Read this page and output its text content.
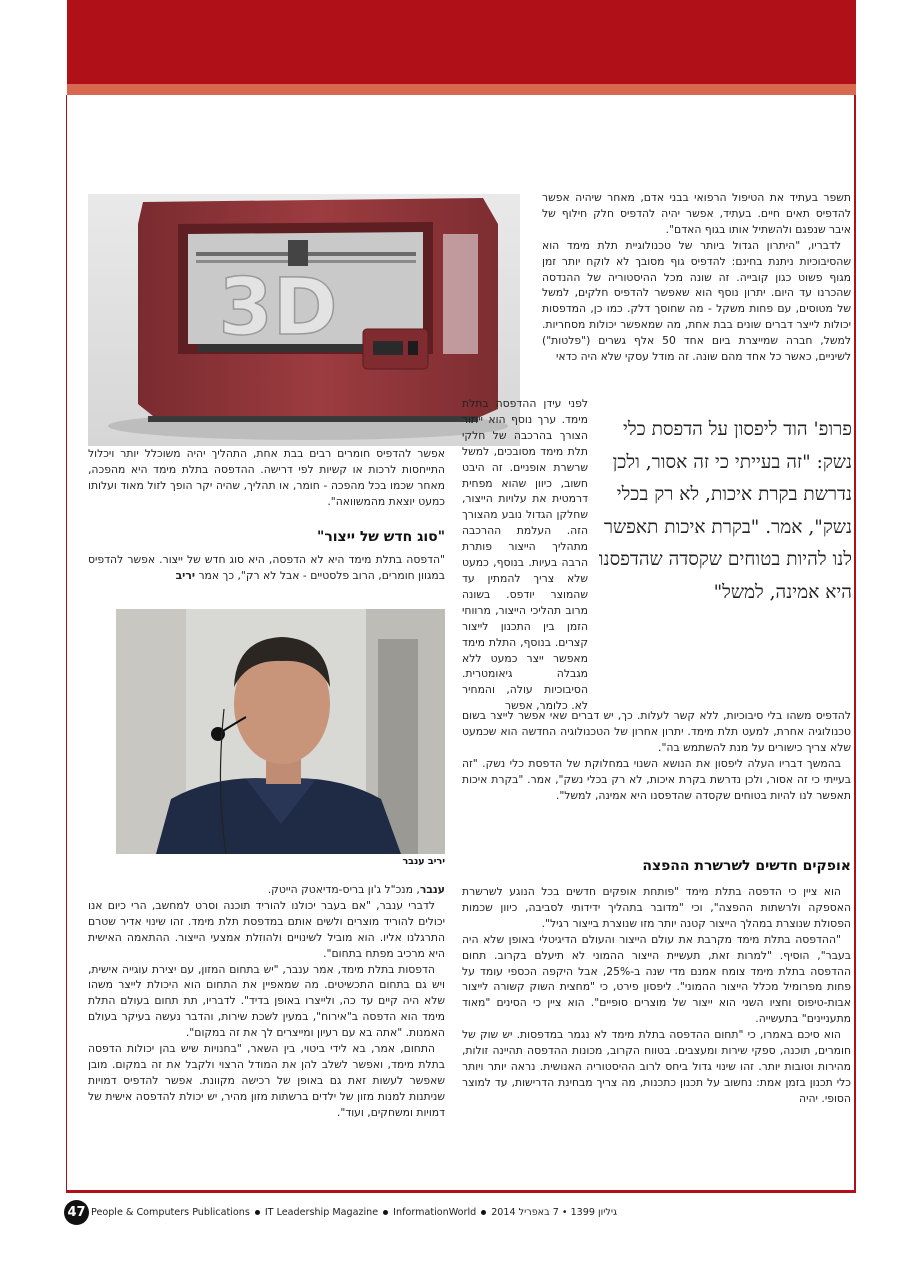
3D
יריב ענבר

תשפר בעתיד את הטיפול הרפואי בבני אדם, מאחר שיהיה אפשר להדפיס תאים חיים. בעתיד, אפשר יהיה להדפיס חלק חילוף של איבר שנפגם ולהשתיל אותו בגוף האדם".

לדבריו, "היתרון הגדול ביותר של טכנולוגיית תלת מימד הוא שהסיבוכיות ניתנת בחינם: להדפיס גוף מסובך לא לוקח יותר זמן מגוף פשוט כגון קובייה. זה שונה מכל ההיסטוריה של ההנדסה שהכרנו עד היום. יתרון נוסף הוא שאפשר להדפיס חלקים, למשל של מטוסים, עם פחות משקל - מה שחוסך דלק. כמו כן, המדפסות יכולות לייצר דברים שונים בבת אחת, מה שמאפשר יכולות מסחריות. למשל, חברה שמייצרת ביום אחד 50 אלף גשרים ("פלטות") לשיניים, כאשר כל אחד מהם שונה. זה מודל עסקי שלא היה כדאי

לפני עידן ההדפסה בתלת מימד. ערך נוסף הוא ייתור הצורך בהרכבה של חלקי תלת מימד מסובכים, למשל שרשרת אופניים. זה היבט חשוב, כיוון שהוא מפחית דרמטית את עלויות הייצור, שחלקן הגדול נובע מהצורך הזה. העלמת ההרכבה מתהליך הייצור פותרת הרבה בעיות. בנוסף, כמעט שלא צריך להמתין עד שהמוצר יודפס. בשונה מרוב תהליכי הייצור, מרווחי הזמן בין התכנון לייצור קצרים. בנוסף, התלת מימד מאפשר ייצר כמעט ללא מגבלה גיאומטרית. הסיבוכיות עולה, והמחיר לא. כלומר, אפשר

פרופ' הוד ליפסון על הדפסת כלי נשק: "זה בעייתי כי זה אסור, ולכן נדרשת בקרת איכות, לא רק בכלי נשק", אמר. "בקרת איכות תאפשר לנו להיות בטוחים שקסדה שהדפסנו היא אמינה, למשל"

להדפיס משהו בלי סיבוכיות, ללא קשר לעלות. כך, יש דברים שאי אפשר לייצר בשום טכנולוגיה אחרת, למעט תלת מימד. יתרון אחרון של הטכנולוגיה החדשה הוא שכמעט שלא צריך כישורים על מנת להשתמש בה".

בהמשך דבריו העלה ליפסון את הנושא השנוי במחלוקת של הדפסת כלי נשק. "זה בעייתי כי זה אסור, ולכן נדרשת בקרת איכות, לא רק בכלי נשק", אמר. "בקרת איכות תאפשר לנו להיות בטוחים שקסדה שהדפסנו היא אמינה, למשל".

אופקים חדשים לשרשרת ההפצה

הוא ציין כי הדפסה בתלת מימד "פותחת אופקים חדשים בכל הנוגע לשרשרת האספקה ולרשתות ההפצה", וכי "מדובר בתהליך ידידותי לסביבה, כיוון שכמות הפסולת שנוצרת במהלך הייצור קטנה יותר מזו שנוצרת בייצור רגיל".

"ההדפסה בתלת מימד מקרבת את עולם הייצור והעולם הדיגיטלי באופן שלא היה בעבר", הוסיף. "למרות זאת, תעשיית הייצור ההמוני לא תיעלם בקרוב. תחום ההדפסה בתלת מימד צומח אמנם מדי שנה ב-25%, אבל היקפה הכספי עומד על פחות מפרומיל מכלל הייצור ההמוני". ליפסון פירט, כי "מחצית השוק קשורה לייצור אבות-טיפוס וחציו השני הוא ייצור של מוצרים סופיים". הוא ציין כי הסינים "מאוד מתעניינים" בתעשייה.

הוא סיכם באמרו, כי "תחום ההדפסה בתלת מימד לא נגמר במדפסות. יש שוק של חומרים, תוכנה, ספקי שירות ומעצבים. בטווח הקרוב, מכונות ההדפסה תהיינה זולות, מהירות וטובות יותר. זהו שינוי גדול ביחס לרוב ההיסטוריה האנושית. נראה יותר ויותר כלי תכנון בזמן אמת: נחשוב על תכנון כתכנות, מה צריך מבחינת הדרישות, עד למוצר הסופי. יהיה

אפשר להדפיס חומרים רבים בבת אחת, התהליך יהיה משוכלל יותר ויכלול התייחסות לרכות או קשיות לפי דרישה. ההדפסה בתלת מימד היא מהפכה, מאחר שכמו בכל מהפכה - חומר, או תהליך, שהיה יקר הופך לזול מאוד ועלותו כמעט יוצאת מהמשוואה".

"סוג חדש של ייצור"

"הדפסה בתלת מימד היא לא הדפסה, היא סוג חדש של ייצור. אפשר להדפיס במגוון חומרים, הרוב פלסטיים - אבל לא רק", כך אמר יריב

ענבר, מנכ"ל ג'ון בריס-מדיאטק הייטק.

לדברי ענבר, "אם בעבר יכולנו להוריד תוכנה וסרט למחשב, הרי כיום אנו יכולים להוריד מוצרים ולשים אותם במדפסת תלת מימד. זהו שינוי אדיר שטרם התרגלנו אליו. הוא מוביל לשינויים ולהוזלת אמצעי הייצור. ההתאמה האישית היא מרכיב מפתח בתחום".

הדפסות בתלת מימד, אמר ענבר, "יש בתחום המזון, עם יצירת עוגייה אישית, ויש גם בתחום התכשיטים. מה שמאפיין את התחום הוא היכולת לייצר משהו שלא היה קיים עד כה, ולייצרו באופן בדיד". לדבריו, תת תחום בעולם התלת מימד הוא הדפסה ב"אירוח", במעין לשכת שירות, והדבר נעשה בעיקר בעולם האמנות. "אתה בא עם רעיון ומייצרים לך את זה במקום".

התחום, אמר, בא לידי ביטוי, בין השאר, "בחנויות שיש בהן יכולות הדפסה בתלת מימד, ואפשר לשלב להן את המודל הרצוי ולקבל את זה במקום. מובן שאפשר לעשות זאת גם באופן של רכישה מקוונת. אפשר להדפיס דמויות שניתנות למנות מזון של ילדים ברשתות מזון מהיר, יש יכולת להדפסה אישית של דמויות ומשחקים, ועוד".

47 People & Computers Publications IT Leadership Magazine InformationWorld גיליון 1399 • 7 באפריל 2014
